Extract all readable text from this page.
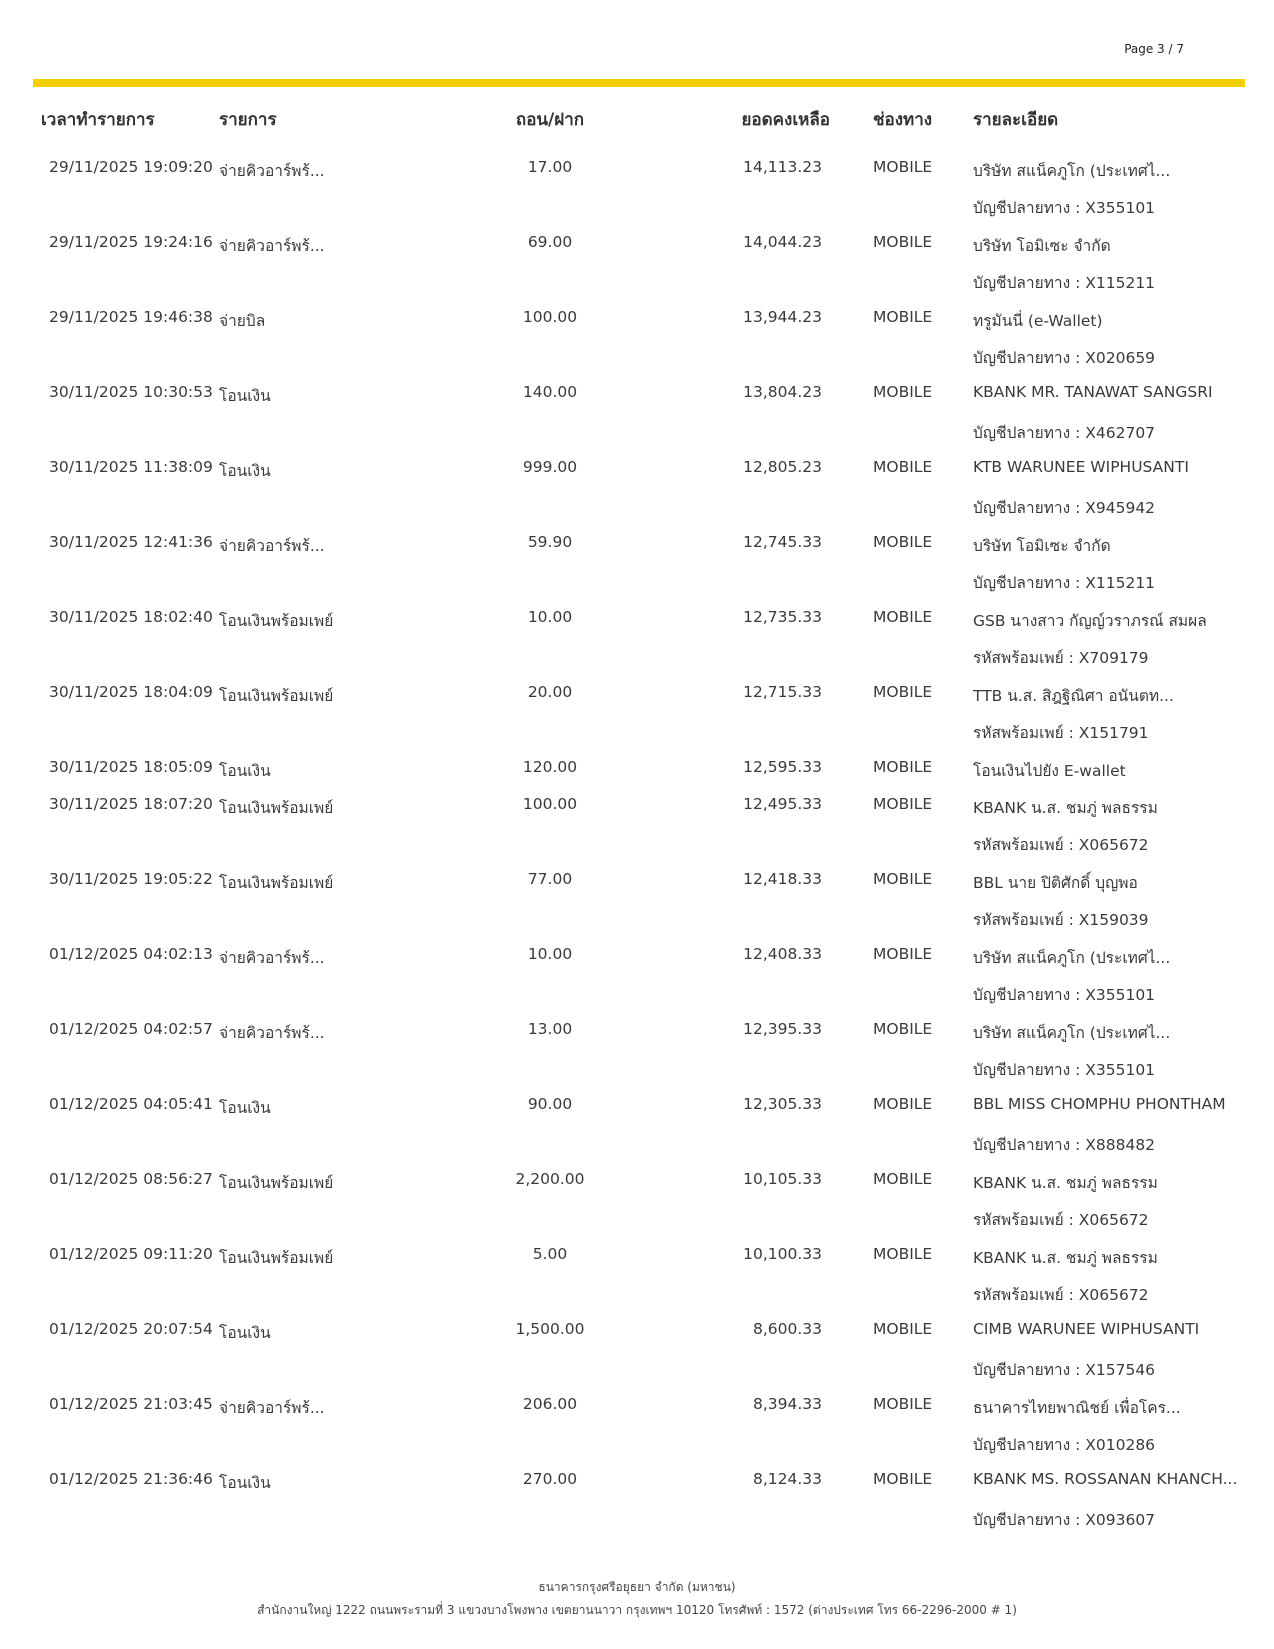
Page 3 / 7
เวลาทำรายการ	รายการ	ถอน/ฝาก	ยอดคงเหลือ	ช่องทาง รายละเอียด
29/11/2025 19:09:20 จ่ายคิวอาร์พร้...	17.00	14,113.23	MOBILE	บริษัท สแน็คภูโก (ประเทศไ...
บัญชีปลายทาง : X355101
29/11/2025 19:24:16 จ่ายคิวอาร์พร้...	69.00	14,044.23	MOBILE	บริษัท โอมิเซะ จำกัด
บัญชีปลายทาง : X115211
29/11/2025 19:46:38 จ่ายบิล	100.00	13,944.23	MOBILE	ทรูมันนี่ (e-Wallet)
บัญชีปลายทาง : X020659
30/11/2025 10:30:53 โอนเงิน	140.00	13,804.23	MOBILE	KBANK MR. TANAWAT SANGSRI
บัญชีปลายทาง : X462707
30/11/2025 11:38:09 โอนเงิน	999.00	12,805.23	MOBILE	KTB WARUNEE WIPHUSANTI
บัญชีปลายทาง : X945942
30/11/2025 12:41:36 จ่ายคิวอาร์พร้...	59.90	12,745.33	MOBILE	บริษัท โอมิเซะ จำกัด
บัญชีปลายทาง : X115211
30/11/2025 18:02:40 โอนเงินพร้อมเพย์	10.00	12,735.33	MOBILE	GSB นางสาว กัญญ์วราภรณ์ สมผล
รหัสพร้อมเพย์ : X709179
30/11/2025 18:04:09 โอนเงินพร้อมเพย์	20.00	12,715.33	MOBILE	TTB น.ส. สิฎฐิณิศา อนันตท...
รหัสพร้อมเพย์ : X151791
30/11/2025 18:05:09 โอนเงิน	120.00	12,595.33	MOBILE	โอนเงินไปยัง E-wallet
30/11/2025 18:07:20 โอนเงินพร้อมเพย์	100.00	12,495.33	MOBILE	KBANK น.ส. ชมภู่ พลธรรม
รหัสพร้อมเพย์ : X065672
30/11/2025 19:05:22 โอนเงินพร้อมเพย์	77.00	12,418.33	MOBILE	BBL นาย ปิติศักดิ์ บุญพอ
รหัสพร้อมเพย์ : X159039
01/12/2025 04:02:13 จ่ายคิวอาร์พร้...	10.00	12,408.33	MOBILE	บริษัท สแน็คภูโก (ประเทศไ...
บัญชีปลายทาง : X355101
01/12/2025 04:02:57 จ่ายคิวอาร์พร้...	13.00	12,395.33	MOBILE	บริษัท สแน็คภูโก (ประเทศไ...
บัญชีปลายทาง : X355101
01/12/2025 04:05:41 โอนเงิน	90.00	12,305.33	MOBILE	BBL MISS CHOMPHU PHONTHAM
บัญชีปลายทาง : X888482
01/12/2025 08:56:27 โอนเงินพร้อมเพย์	2,200.00	10,105.33	MOBILE	KBANK น.ส. ชมภู่ พลธรรม
รหัสพร้อมเพย์ : X065672
01/12/2025 09:11:20 โอนเงินพร้อมเพย์	5.00	10,100.33	MOBILE	KBANK น.ส. ชมภู่ พลธรรม
รหัสพร้อมเพย์ : X065672
01/12/2025 20:07:54 โอนเงิน	1,500.00	8,600.33	MOBILE	CIMB WARUNEE WIPHUSANTI
บัญชีปลายทาง : X157546
01/12/2025 21:03:45 จ่ายคิวอาร์พร้...	206.00	8,394.33	MOBILE	ธนาคารไทยพาณิชย์ เพื่อโคร...
บัญชีปลายทาง : X010286
01/12/2025 21:36:46 โอนเงิน	270.00	8,124.33	MOBILE	KBANK MS. ROSSANAN KHANCH...
บัญชีปลายทาง : X093607
ธนาคารกรุงศรีอยุธยา จำกัด (มหาชน)
สำนักงานใหญ่ 1222 ถนนพระรามที่ 3 แขวงบางโพงพาง เขตยานนาวา กรุงเทพฯ 10120 โทรศัพท์ : 1572 (ต่างประเทศ โทร 66-2296-2000 # 1)
